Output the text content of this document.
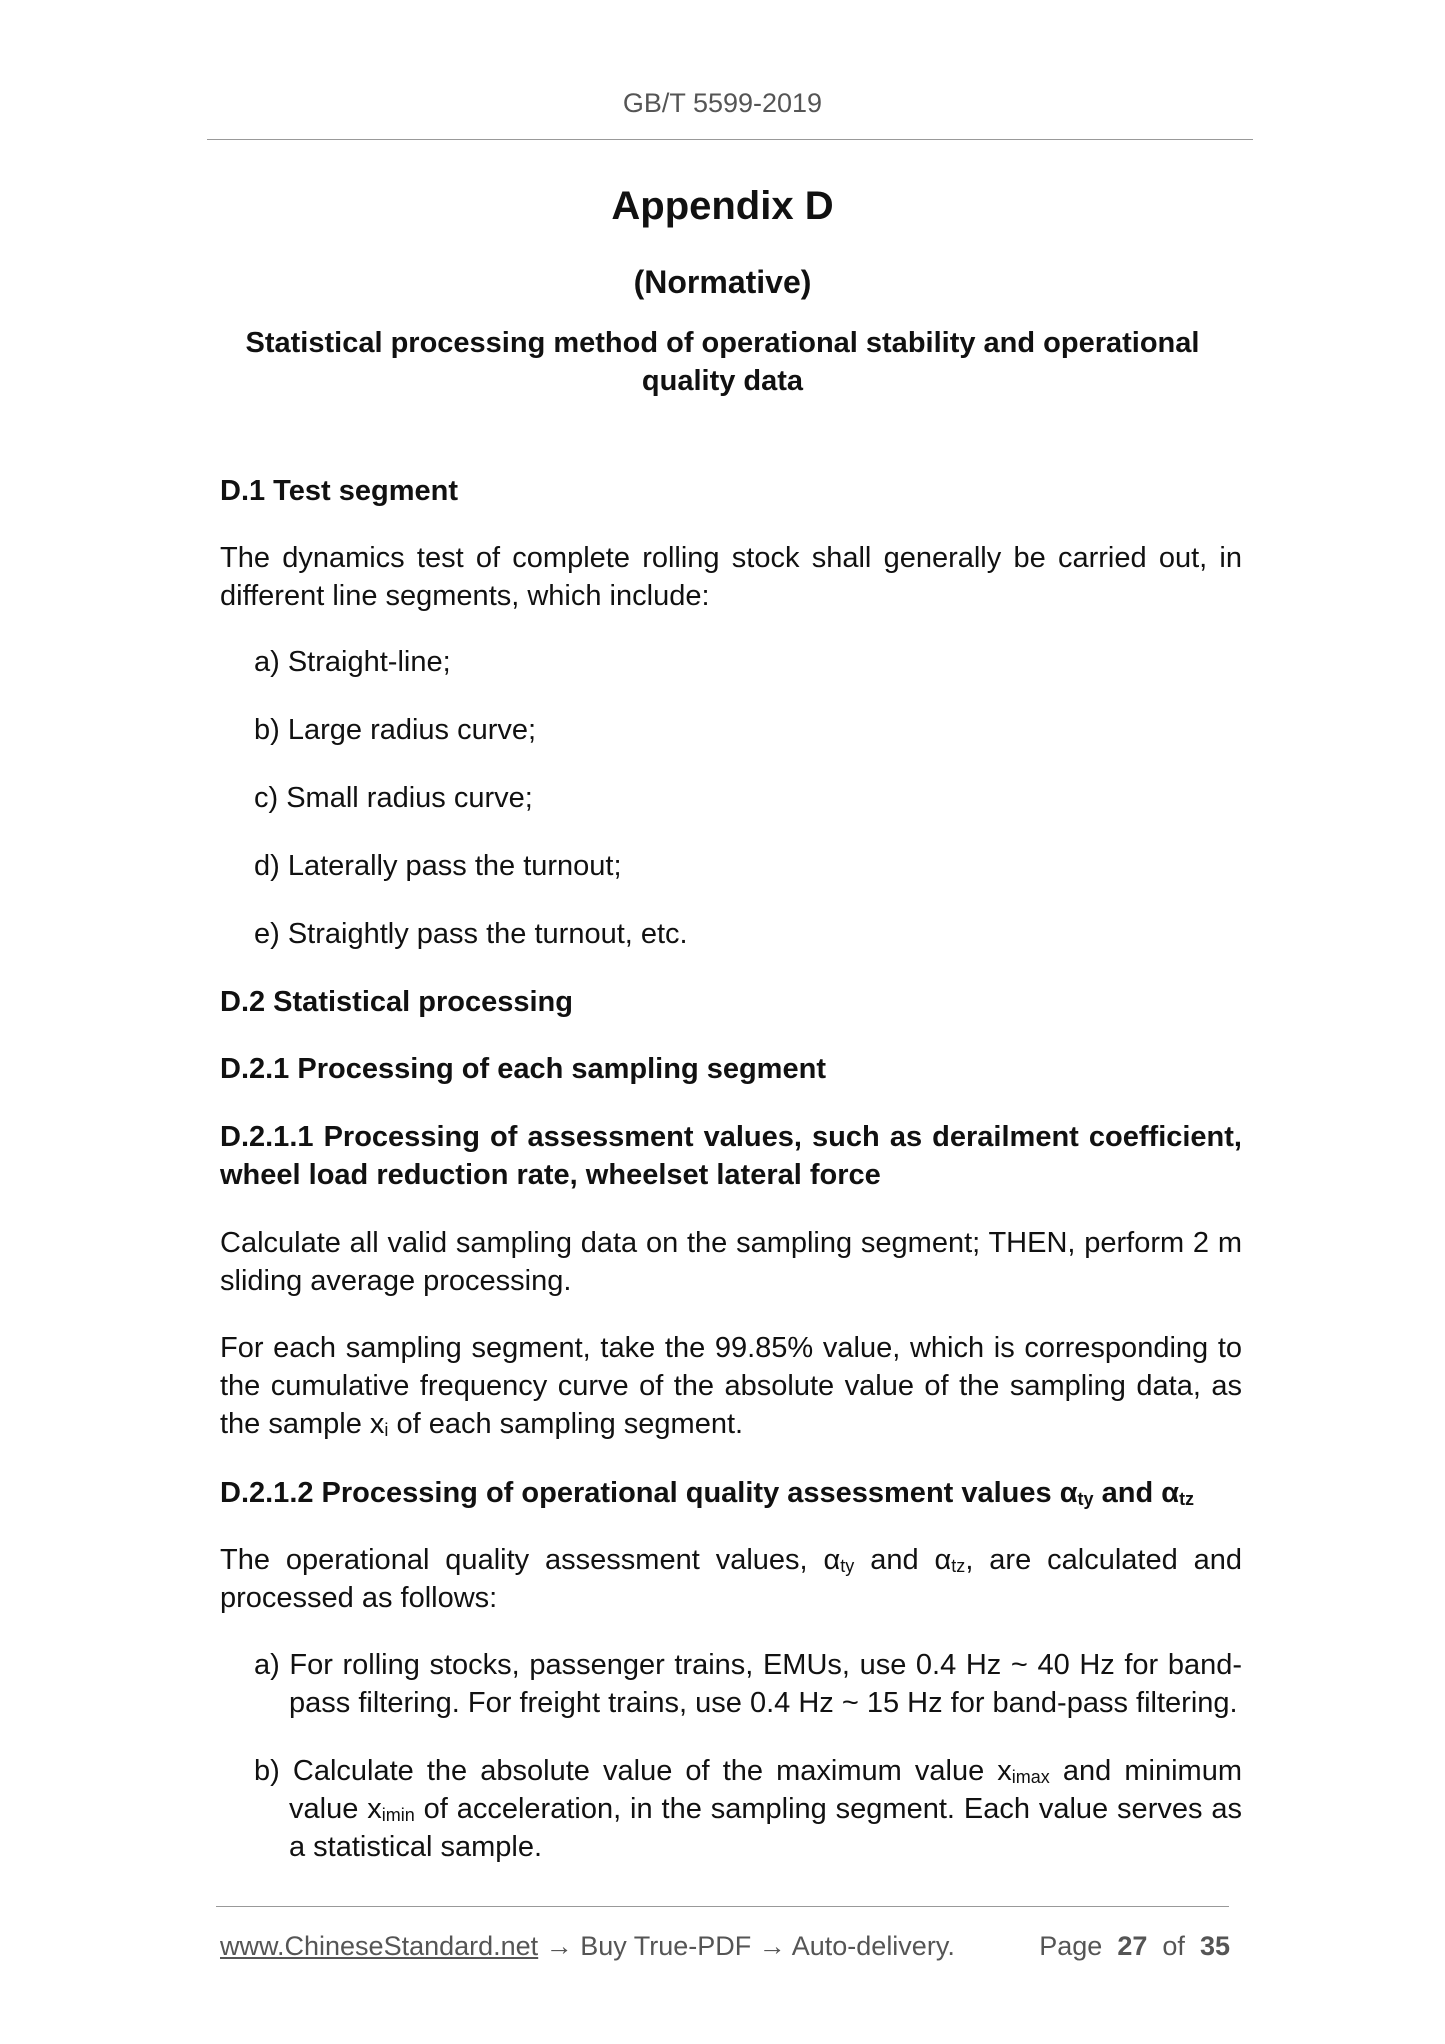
GB/T 5599-2019
Appendix D
(Normative)
Statistical processing method of operational stability and operational
quality data
D.1 Test segment
The dynamics test of complete rolling stock shall generally be carried out, in different line segments, which include:
a) Straight-line;
b) Large radius curve;
c) Small radius curve;
d) Laterally pass the turnout;
e) Straightly pass the turnout, etc.
D.2 Statistical processing
D.2.1 Processing of each sampling segment
D.2.1.1 Processing of assessment values, such as derailment coefficient, wheel load reduction rate, wheelset lateral force
Calculate all valid sampling data on the sampling segment; THEN, perform 2 m sliding average processing.
For each sampling segment, take the 99.85% value, which is corresponding to the cumulative frequency curve of the absolute value of the sampling data, as the sample $x_i$ of each sampling segment.
D.2.1.2 Processing of operational quality assessment values $\alpha_{ty}$ and $\alpha_{tz}$
The operational quality assessment values, $\alpha_{ty}$ and $\alpha_{tz}$, are calculated and processed as follows:
a) For rolling stocks, passenger trains, EMUs, use 0.4 Hz ~ 40 Hz for band-pass filtering. For freight trains, use 0.4 Hz ~ 15 Hz for band-pass filtering.
b) Calculate the absolute value of the maximum value $x_{imax}$ and minimum value $x_{imin}$ of acceleration, in the sampling segment. Each value serves as a statistical sample.
www.ChineseStandard.net → Buy True-PDF → Auto-delivery.	Page 27 of 35
